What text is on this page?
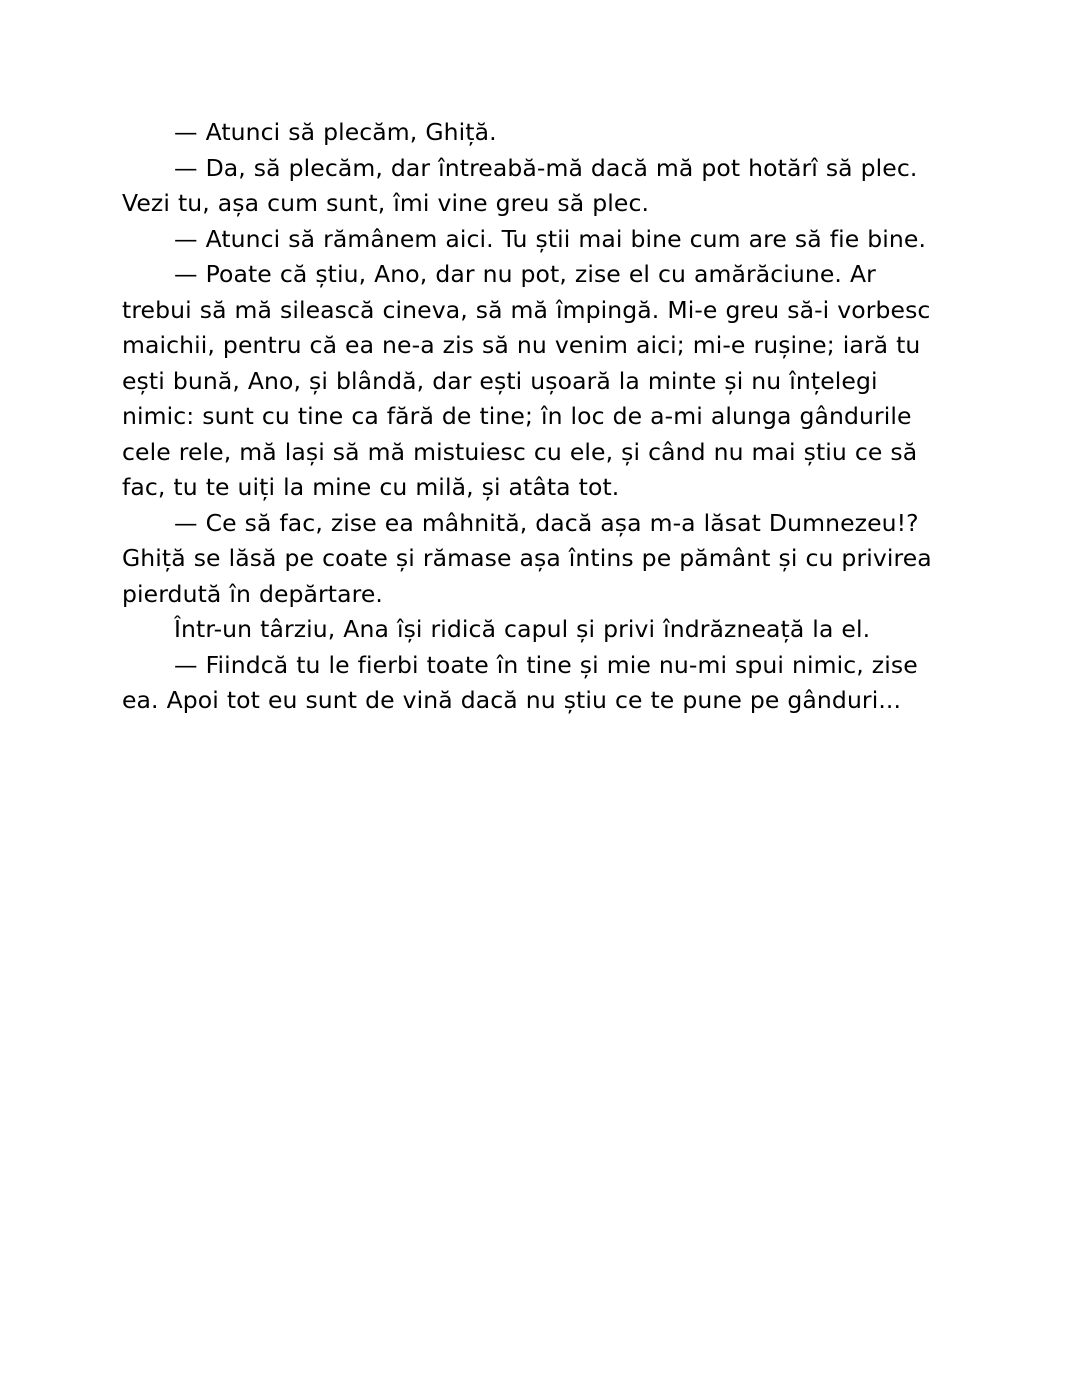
— Atunci să plecăm, Ghiță.

— Da, să plecăm, dar întreabă-mă dacă mă pot hotărî să plec. Vezi tu, așa cum sunt, îmi vine greu să plec.

— Atunci să rămânem aici. Tu știi mai bine cum are să fie bine.

— Poate că știu, Ano, dar nu pot, zise el cu amărăciune. Ar trebui să mă silească cineva, să mă împingă. Mi-e greu să-i vorbesc maichii, pentru că ea ne-a zis să nu venim aici; mi-e rușine; iară tu ești bună, Ano, și blândă, dar ești ușoară la minte și nu înțelegi nimic: sunt cu tine ca fără de tine; în loc de a-mi alunga gândurile cele rele, mă lași să mă mistuiesc cu ele, și când nu mai știu ce să fac, tu te uiți la mine cu milă, și atâta tot.

— Ce să fac, zise ea mâhnită, dacă așa m-a lăsat Dumnezeu!? Ghiță se lăsă pe coate și rămase așa întins pe pământ și cu privirea pierdută în depărtare.

Într-un târziu, Ana își ridică capul și privi îndrăzneață la el.

— Fiindcă tu le fierbi toate în tine și mie nu-mi spui nimic, zise ea. Apoi tot eu sunt de vină dacă nu știu ce te pune pe gânduri...
